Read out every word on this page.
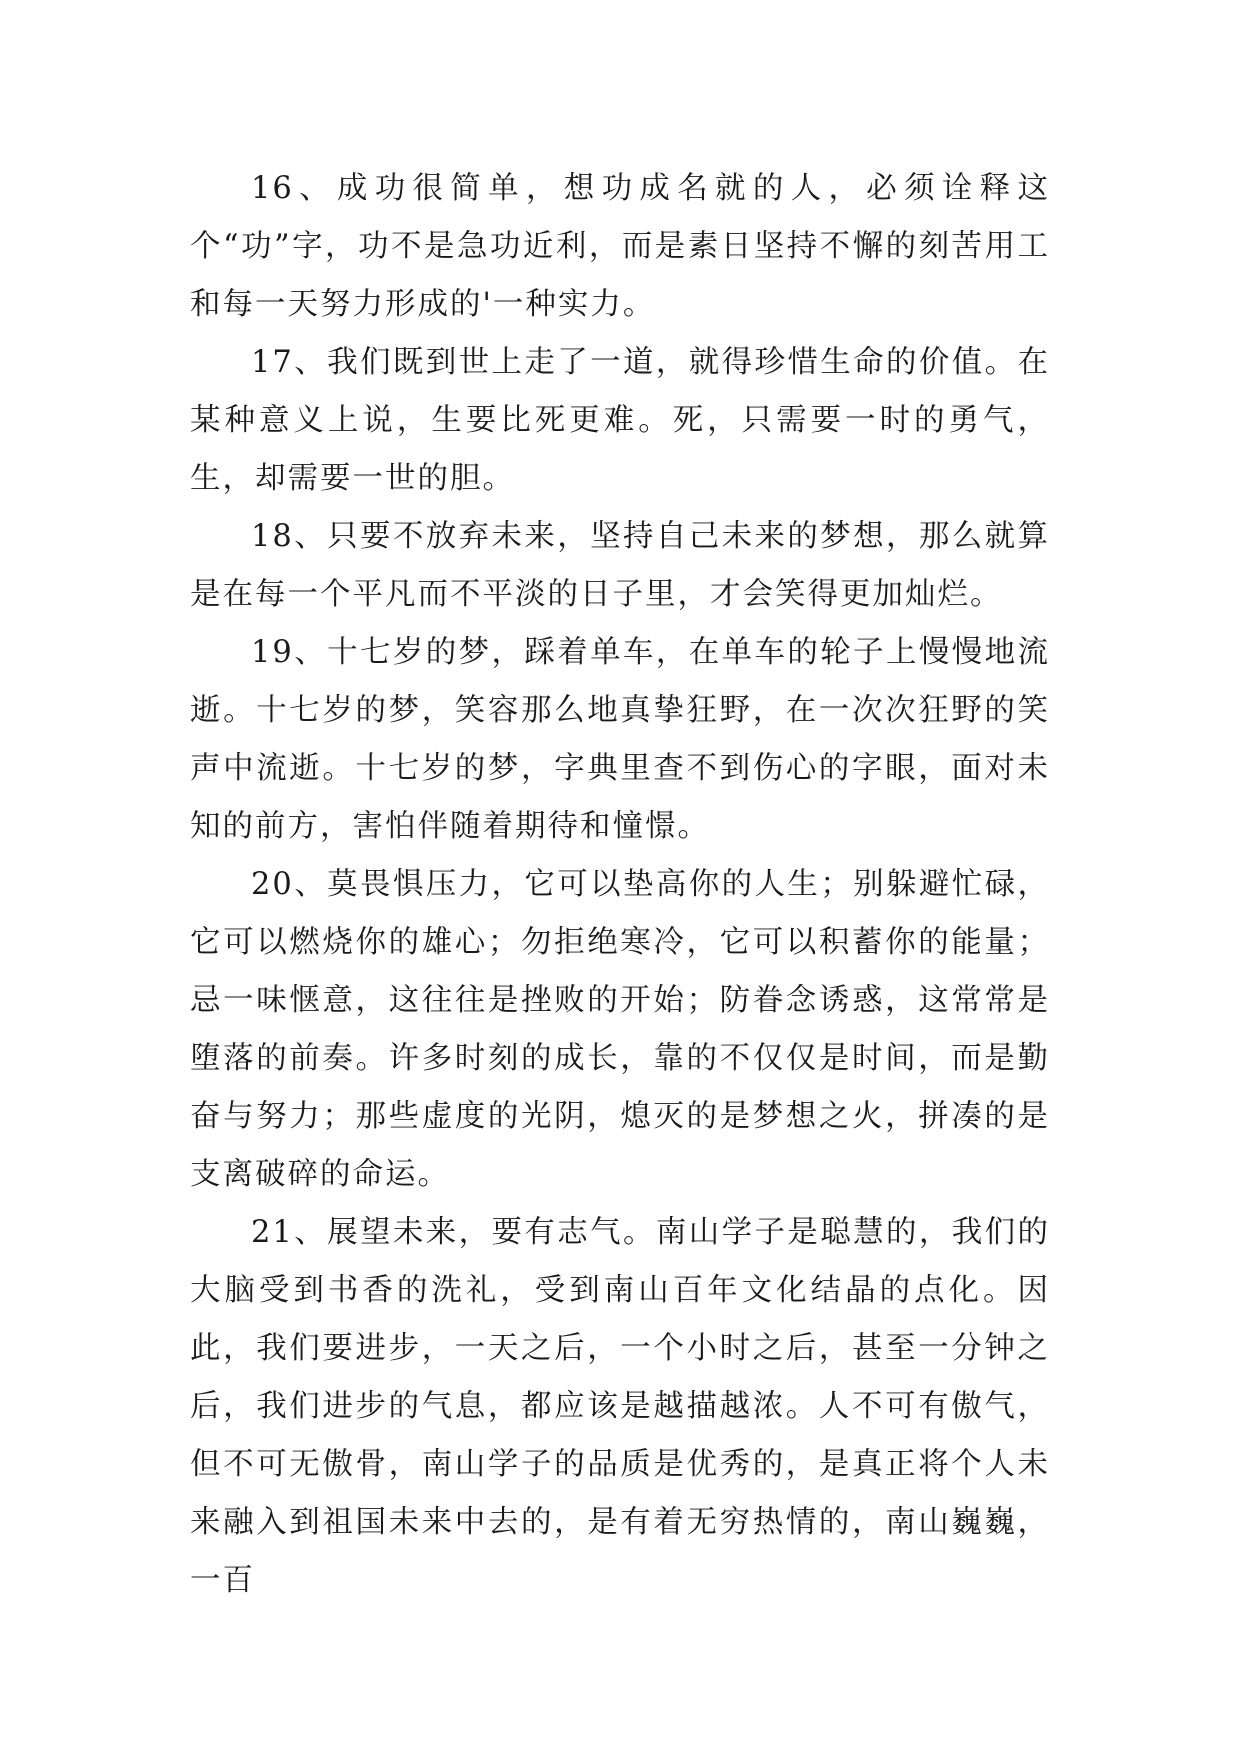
16、成功很简单，想功成名就的人，必须诠释这个“功”字，功不是急功近利，而是素日坚持不懈的刻苦用工和每一天努力形成的'一种实力。

17、我们既到世上走了一道，就得珍惜生命的价值。在某种意义上说，生要比死更难。死，只需要一时的勇气，生，却需要一世的胆。

18、只要不放弃未来，坚持自己未来的梦想，那么就算是在每一个平凡而不平淡的日子里，才会笑得更加灿烂。

19、十七岁的梦，踩着单车，在单车的轮子上慢慢地流逝。十七岁的梦，笑容那么地真挚狂野，在一次次狂野的笑声中流逝。十七岁的梦，字典里查不到伤心的字眼，面对未知的前方，害怕伴随着期待和憧憬。

20、莫畏惧压力，它可以垫高你的人生；别躲避忙碌，它可以燃烧你的雄心；勿拒绝寒冷，它可以积蓄你的能量；忌一味惬意，这往往是挫败的开始；防眷念诱惑，这常常是堕落的前奏。许多时刻的成长，靠的不仅仅是时间，而是勤奋与努力；那些虚度的光阴，熄灭的是梦想之火，拼凑的是支离破碎的命运。

21、展望未来，要有志气。南山学子是聪慧的，我们的大脑受到书香的洗礼，受到南山百年文化结晶的点化。因此，我们要进步，一天之后，一个小时之后，甚至一分钟之后，我们进步的气息，都应该是越描越浓。人不可有傲气，但不可无傲骨，南山学子的品质是优秀的，是真正将个人未来融入到祖国未来中去的，是有着无穷热情的，南山巍巍，一百
